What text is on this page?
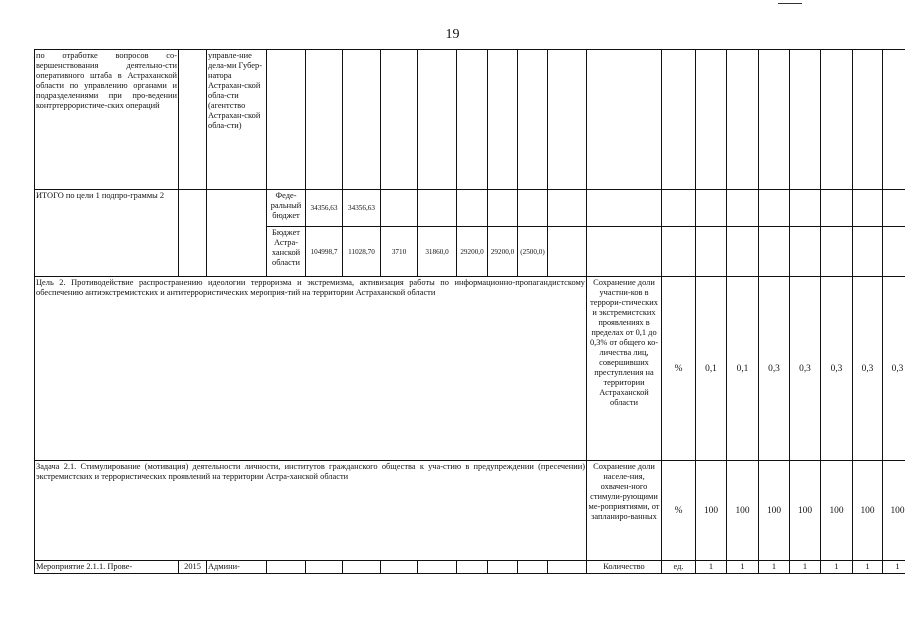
19
по отработке вопросов со-вершенствования деятельно-сти оперативного штаба в Астраханской области по управлению органами и подразделениями при про-ведении контртеррористиче-ских операций		управле-ние дела-ми Губер-натора Астрахан-ской обла-сти (агентство Астрахан-ской обла-сти)																		
ИТОГО по цели 1 подпро-граммы 2			Феде-ральный бюджет	34356,63	34356,63															
			Бюджет Астра-ханской области	104998,7	11028,70	3710	31860,0	29200,0	29200,0	(2500,0)										
Цель 2. Противодействие распространению идеологии терроризма и экстремизма, активизация работы по информационно-пропагандистскому обеспечению антиэкстремистских и антитеррористических мероприя-тий на территории Астраханской области												Сохранение доли участни-ков в террори-стических и экстремистских проявлениях в пределах от 0,1 до 0,3% от общего ко-личества лиц, совершивших преступления на территории Астраханской области	%	0,1	0,1	0,3	0,3	0,3	0,3	0,3
Задача 2.1. Стимулирование (мотивация) деятельности личности, институтов гражданского общества к уча-стию в предупреждении (пресечении) экстремистских и террористических проявлений на территории Астра-ханской области												Сохранение доли населе-ния, охвачен-ного стимули-рующими ме-роприятиями, от запланиро-ванных	%	100	100	100	100	100	100	100
Мероприятие 2.1.1. Прове-	2015	Админи-										Количество	ед.	1	1	1	1	1	1	1
